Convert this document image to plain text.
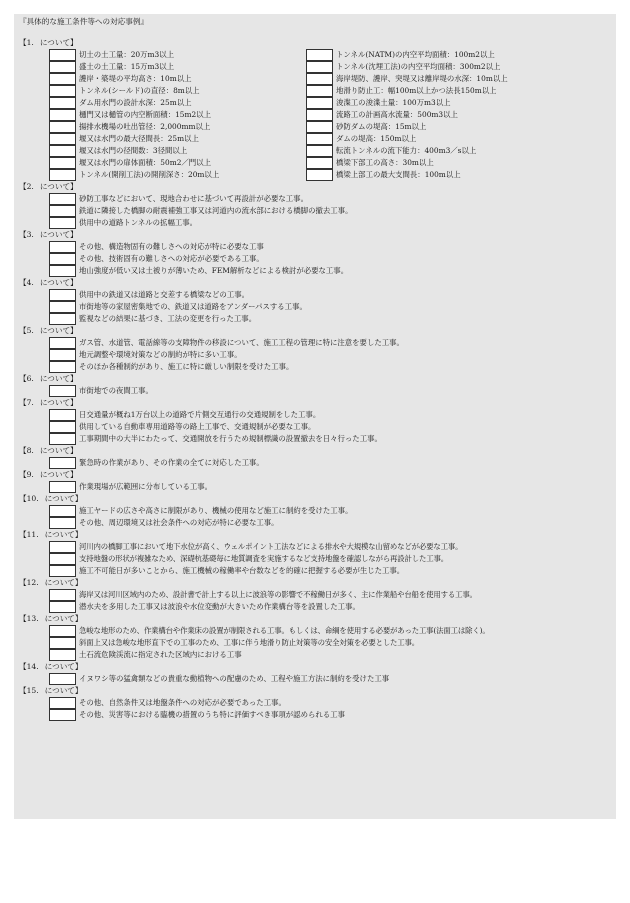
『具体的な施工条件等への対応事例』
【1. について】
切土の土工量：20万m3以上
盛土の土工量：15万m3以上
護岸・築堤の平均高さ：10m以上
トンネル(シールド)の直径：8m以上
ダム用水門の設計水深：25m以上
樋門又は樋管の内空断面積：15m2以上
揚排水機場の吐出管径：2,000mm以上
堰又は水門の最大径間長：25m以上
堰又は水門の径間数：3径間以上
堰又は水門の扉体面積：50m2／門以上
トンネル(開削工法)の開削深さ：20m以上
トンネル(NATM)の内空平均面積：100m2以上
トンネル(沈埋工法)の内空平均面積：300m2以上
海岸堤防、護岸、突堤又は離岸堤の水深：10m以上
地滑り防止工：幅100m以上かつ法長150m以上
浚渫工の浚渫土量：100万m3以上
流路工の計画高水流量：500m3以上
砂防ダムの堤高：15m以上
ダムの堤高：150m以上
転流トンネルの流下能力：400m3／s以上
橋梁下部工の高さ：30m以上
橋梁上部工の最大支間長：100m以上
【2. について】
砂防工事などにおいて、現地合わせに基づいて再設計が必要な工事。
鉄道に隣接した橋脚の耐震補強工事又は河道内の流水部における橋脚の撤去工事。
供用中の道路トンネルの拡幅工事。
【3. について】
その他、構造物固有の難しさへの対応が特に必要な工事
その他、技術固有の難しさへの対応が必要である工事。
地山強度が低い又は土被りが薄いため、FEM解析などによる検討が必要な工事。
【4. について】
供用中の鉄道又は道路と交差する橋梁などの工事。
市街地等の家屋密集地での、鉄道又は道路をアンダーパスする工事。
監視などの結果に基づき、工法の変更を行った工事。
【5. について】
ガス管、水道管、電話線等の支障物件の移設について、施工工程の管理に特に注意を要した工事。
地元調整や環境対策などの制約が特に多い工事。
そのほか各種制約があり、施工に特に厳しい制限を受けた工事。
【6. について】
市街地での夜間工事。
【7. について】
日交通量が概ね1万台以上の道路で片側交互通行の交通規制をした工事。
供用している自動車専用道路等の路上工事で、交通規制が必要な工事。
工事期間中の大半にわたって、交通開放を行うため規制標識の設置撤去を日々行った工事。
【8. について】
緊急時の作業があり、その作業の全てに対応した工事。
【9. について】
作業現場が広範囲に分布している工事。
【10. について】
施工ヤードの広さや高さに制限があり、機械の使用など施工に制約を受けた工事。
その他、周辺環境又は社会条件への対応が特に必要な工事。
【11. について】
河川内の橋脚工事において地下水位が高く、ウェルポイント工法などによる排水や大規模な山留めなどが必要な工事。
支持地盤の形状が複雑なため、深礎杭基礎毎に地質調査を実施するなど支持地盤を確認しながら再設計した工事。
施工不可能日が多いことから、施工機械の稼働率や台数などを的確に把握する必要が生じた工事。
【12. について】
海岸又は河川区域内のため、設計書で計上する以上に波浪等の影響で不稼働日が多く、主に作業船や台船を使用する工事。
潜水夫を多用した工事又は波浪や水位変動が大きいため作業構台等を設置した工事。
【13. について】
急峻な地形のため、作業構台や作業床の設置が制限される工事。もしくは、命綱を使用する必要があった工事(法面工は除く)。
斜面上又は急峻な地形直下での工事のため、工事に伴う地滑り防止対策等の安全対策を必要とした工事。
土石流危険渓流に指定された区域内における工事
【14. について】
イヌワシ等の猛禽類などの貴重な動植物への配慮のため、工程や施工方法に制約を受けた工事
【15. について】
その他、自然条件又は地盤条件への対応が必要であった工事。
その他、災害等における臨機の措置のうち特に評価すべき事項が認められる工事
